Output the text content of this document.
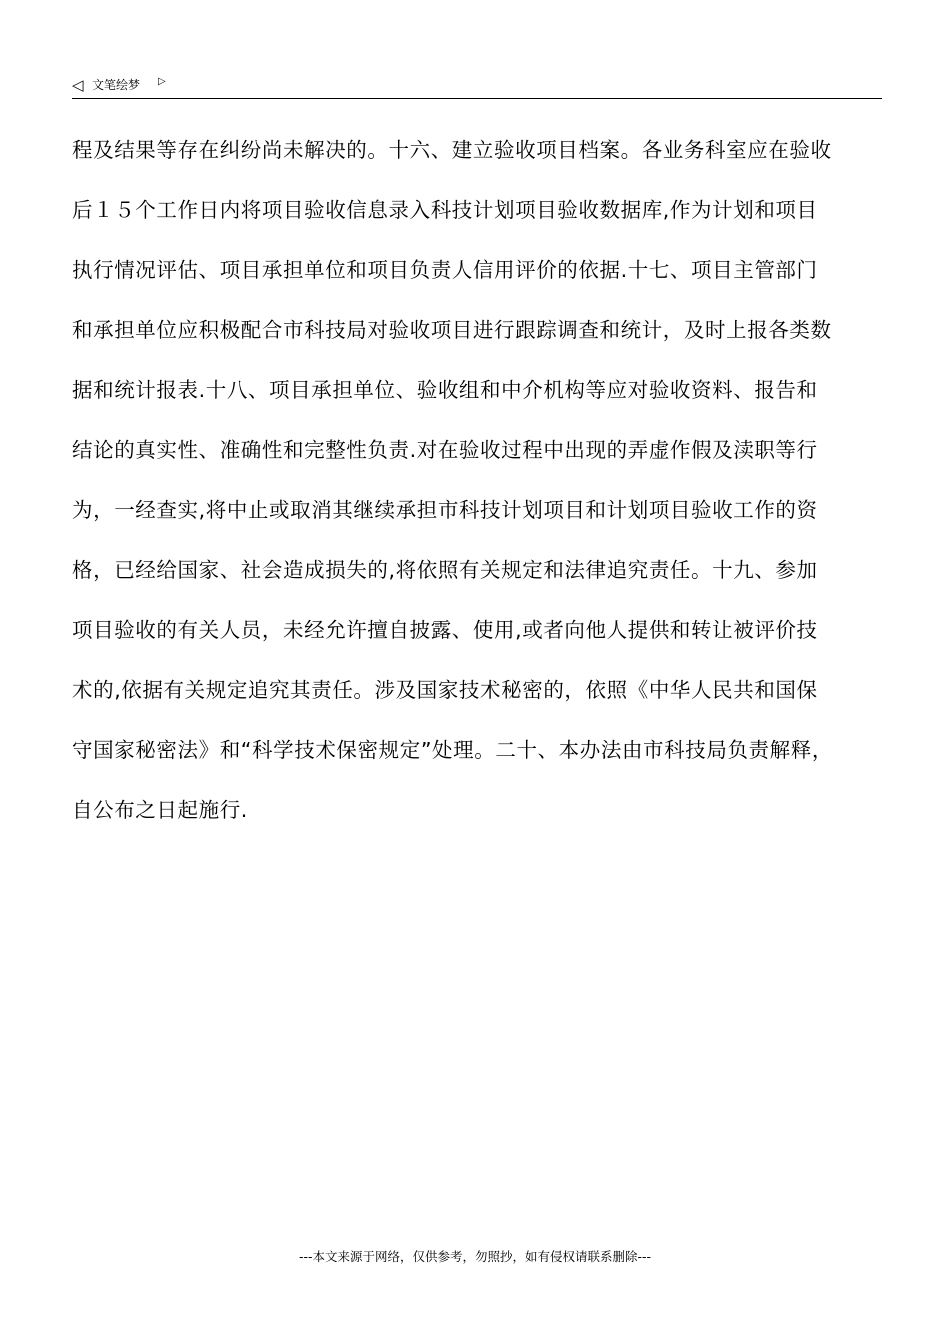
◁ 文笔绘梦 ▷
程及结果等存在纠纷尚未解决的。十六、建立验收项目档案。各业务科室应在验收
后１５个工作日内将项目验收信息录入科技计划项目验收数据库,作为计划和项目
执行情况评估、项目承担单位和项目负责人信用评价的依据.十七、项目主管部门
和承担单位应积极配合市科技局对验收项目进行跟踪调查和统计，及时上报各类数
据和统计报表.十八、项目承担单位、验收组和中介机构等应对验收资料、报告和
结论的真实性、准确性和完整性负责.对在验收过程中出现的弄虚作假及渎职等行
为，一经查实,将中止或取消其继续承担市科技计划项目和计划项目验收工作的资
格，已经给国家、社会造成损失的,将依照有关规定和法律追究责任。十九、参加
项目验收的有关人员，未经允许擅自披露、使用,或者向他人提供和转让被评价技
术的,依据有关规定追究其责任。涉及国家技术秘密的，依照《中华人民共和国保
守国家秘密法》和“科学技术保密规定”处理。二十、本办法由市科技局负责解释，
自公布之日起施行.
---本文来源于网络，仅供参考，勿照抄，如有侵权请联系删除---
